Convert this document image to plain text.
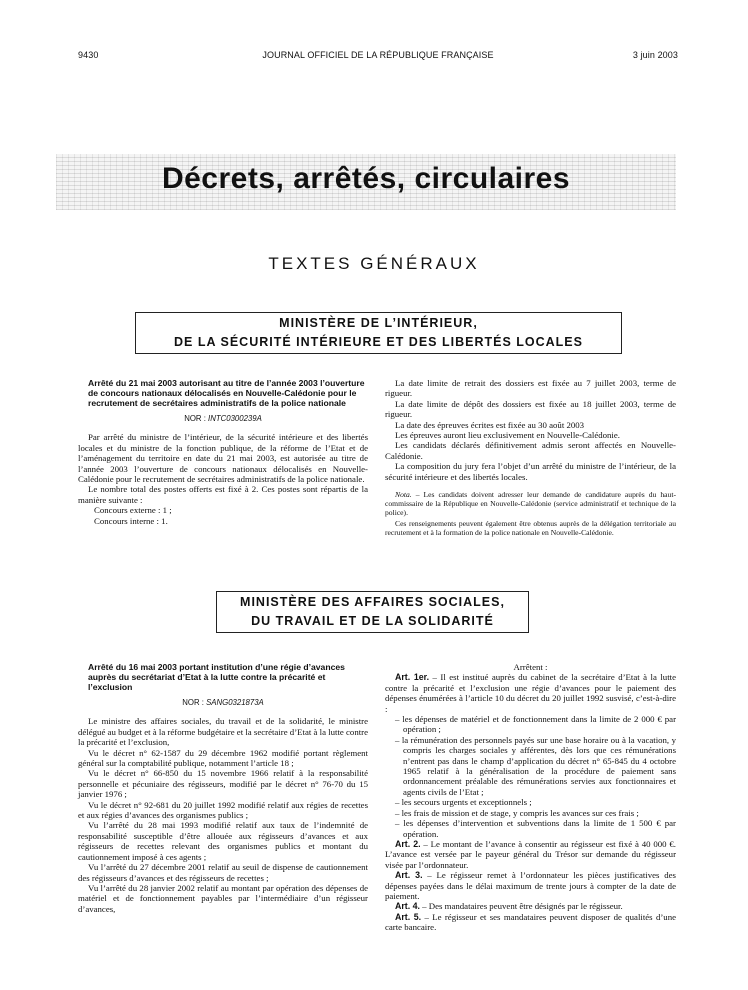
9430	JOURNAL OFFICIEL DE LA RÉPUBLIQUE FRANÇAISE	3 juin 2003
Décrets, arrêtés, circulaires
TEXTES GÉNÉRAUX
MINISTÈRE DE L’INTÉRIEUR,
DE LA SÉCURITÉ INTÉRIEURE ET DES LIBERTÉS LOCALES

Arrêté du 21 mai 2003 autorisant au titre de l’année 2003 l’ouverture de concours nationaux délocalisés en Nouvelle-Calédonie pour le recrutement de secrétaires administratifs de la police nationale

NOR : INTC0300239A

Par arrêté du ministre de l’intérieur, de la sécurité intérieure et des libertés locales et du ministre de la fonction publique, de la réforme de l’Etat et de l’aménagement du territoire en date du 21 mai 2003, est autorisée au titre de l’année 2003 l’ouverture de concours nationaux délocalisés en Nouvelle-Calédonie pour le recrutement de secrétaires administratifs de la police nationale.

Le nombre total des postes offerts est fixé à 2. Ces postes sont répartis de la manière suivante :

Concours externe : 1 ;

Concours interne : 1.

La date limite de retrait des dossiers est fixée au 7 juillet 2003, terme de rigueur.

La date limite de dépôt des dossiers est fixée au 18 juillet 2003, terme de rigueur.

La date des épreuves écrites est fixée au 30 août 2003

Les épreuves auront lieu exclusivement en Nouvelle-Calédonie.

Les candidats déclarés définitivement admis seront affectés en Nouvelle-Calédonie.

La composition du jury fera l’objet d’un arrêté du ministre de l’intérieur, de la sécurité intérieure et des libertés locales.

Nota. – Les candidats doivent adresser leur demande de candidature auprès du haut-commissaire de la République en Nouvelle-Calédonie (service administratif et technique de la police).

Ces renseignements peuvent également être obtenus auprès de la délégation territoriale au recrutement et à la formation de la police nationale en Nouvelle-Calédonie.

MINISTÈRE DES AFFAIRES SOCIALES,
DU TRAVAIL ET DE LA SOLIDARITÉ

Arrêté du 16 mai 2003 portant institution d’une régie d’avances auprès du secrétariat d’Etat à la lutte contre la précarité et l’exclusion

NOR : SANG0321873A

Le ministre des affaires sociales, du travail et de la solidarité, le ministre délégué au budget et à la réforme budgétaire et la secrétaire d’Etat à la lutte contre la précarité et l’exclusion,

Vu le décret n° 62-1587 du 29 décembre 1962 modifié portant règlement général sur la comptabilité publique, notamment l’article 18 ;

Vu le décret n° 66-850 du 15 novembre 1966 relatif à la responsabilité personnelle et pécuniaire des régisseurs, modifié par le décret n° 76-70 du 15 janvier 1976 ;

Vu le décret n° 92-681 du 20 juillet 1992 modifié relatif aux régies de recettes et aux régies d’avances des organismes publics ;

Vu l’arrêté du 28 mai 1993 modifié relatif aux taux de l’indemnité de responsabilité susceptible d’être allouée aux régisseurs d’avances et aux régisseurs de recettes relevant des organismes publics et montant du cautionnement imposé à ces agents ;

Vu l’arrêté du 27 décembre 2001 relatif au seuil de dispense de cautionnement des régisseurs d’avances et des régisseurs de recettes ;

Vu l’arrêté du 28 janvier 2002 relatif au montant par opération des dépenses de matériel et de fonctionnement payables par l’intermédiaire d’un régisseur d’avances,

Arrêtent :

Art. 1er. – Il est institué auprès du cabinet de la secrétaire d’Etat à la lutte contre la précarité et l’exclusion une régie d’avances pour le paiement des dépenses énumérées à l’article 10 du décret du 20 juillet 1992 susvisé, c’est-à-dire :

– les dépenses de matériel et de fonctionnement dans la limite de 2 000 € par opération ;

– la rémunération des personnels payés sur une base horaire ou à la vacation, y compris les charges sociales y afférentes, dès lors que ces rémunérations n’entrent pas dans le champ d’application du décret n° 65-845 du 4 octobre 1965 relatif à la généralisation de la procédure de paiement sans ordonnancement préalable des rémunérations servies aux fonctionnaires et agents civils de l’Etat ;

– les secours urgents et exceptionnels ;

– les frais de mission et de stage, y compris les avances sur ces frais ;

– les dépenses d’intervention et subventions dans la limite de 1 500 € par opération.

Art. 2. – Le montant de l’avance à consentir au régisseur est fixé à 40 000 €. L’avance est versée par le payeur général du Trésor sur demande du régisseur visée par l’ordonnateur.

Art. 3. – Le régisseur remet à l’ordonnateur les pièces justificatives des dépenses payées dans le délai maximum de trente jours à compter de la date de paiement.

Art. 4. – Des mandataires peuvent être désignés par le régisseur.

Art. 5. – Le régisseur et ses mandataires peuvent disposer de qualités d’une carte bancaire.
